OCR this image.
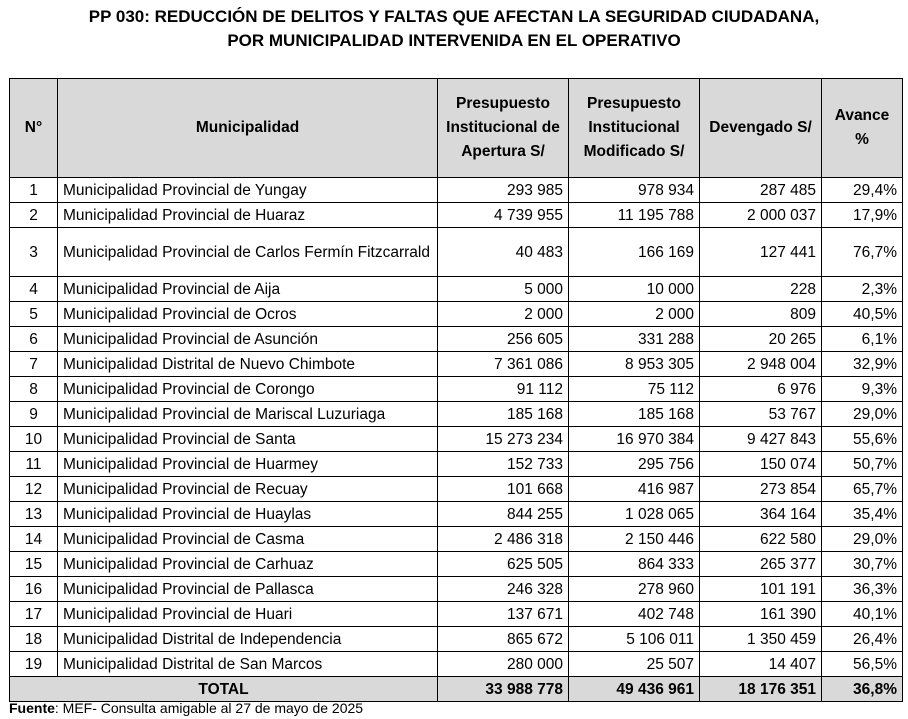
PP 030: REDUCCIÓN DE DELITOS Y FALTAS QUE AFECTAN LA SEGURIDAD CIUDADANA,
POR MUNICIPALIDAD INTERVENIDA EN EL OPERATIVO
N°	Municipalidad	Presupuesto Institucional de Apertura S/	Presupuesto Institucional Modificado S/	Devengado S/	Avance %
1	Municipalidad Provincial de Yungay	293 985	978 934	287 485	29,4%
2	Municipalidad Provincial de Huaraz	4 739 955	11 195 788	2 000 037	17,9%
3	Municipalidad Provincial de Carlos Fermín Fitzcarrald	40 483	166 169	127 441	76,7%
4	Municipalidad Provincial de Aija	5 000	10 000	228	2,3%
5	Municipalidad Provincial de Ocros	2 000	2 000	809	40,5%
6	Municipalidad Provincial de Asunción	256 605	331 288	20 265	6,1%
7	Municipalidad Distrital de Nuevo Chimbote	7 361 086	8 953 305	2 948 004	32,9%
8	Municipalidad Provincial de Corongo	91 112	75 112	6 976	9,3%
9	Municipalidad Provincial de Mariscal Luzuriaga	185 168	185 168	53 767	29,0%
10	Municipalidad Provincial de Santa	15 273 234	16 970 384	9 427 843	55,6%
11	Municipalidad Provincial de Huarmey	152 733	295 756	150 074	50,7%
12	Municipalidad Provincial de Recuay	101 668	416 987	273 854	65,7%
13	Municipalidad Provincial de Huaylas	844 255	1 028 065	364 164	35,4%
14	Municipalidad Provincial de Casma	2 486 318	2 150 446	622 580	29,0%
15	Municipalidad Provincial de Carhuaz	625 505	864 333	265 377	30,7%
16	Municipalidad Provincial de Pallasca	246 328	278 960	101 191	36,3%
17	Municipalidad Provincial de Huari	137 671	402 748	161 390	40,1%
18	Municipalidad Distrital de Independencia	865 672	5 106 011	1 350 459	26,4%
19	Municipalidad Distrital de San Marcos	280 000	25 507	14 407	56,5%
TOTAL		33 988 778	49 436 961	18 176 351	36,8%
Fuente: MEF- Consulta amigable al 27 de mayo de 2025
